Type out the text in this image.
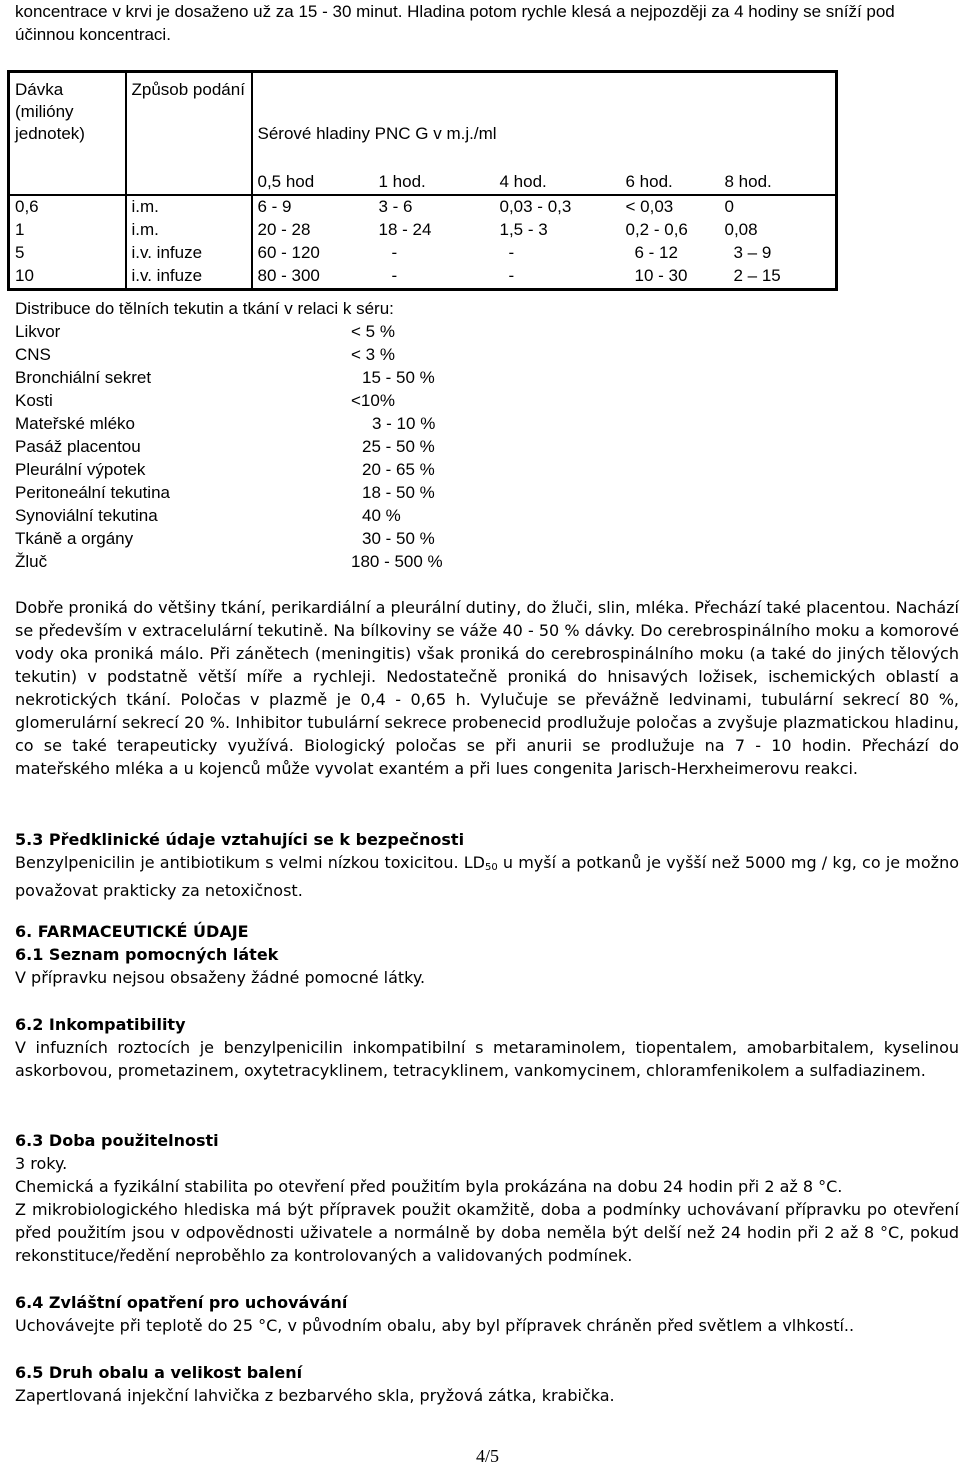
koncentrace v krvi je dosaženo už za 15 - 30 minut. Hladina potom rychle klesá a nejpozději za 4 hodiny se sníží pod účinnou koncentraci.
Dávka (milióny jednotek)	Způsob podání	Sérové hladiny PNC G v m.j./ml				
		0,5 hod	1 hod.	4 hod.	6 hod.	8 hod.
0,6	i.m.	6 - 9	3 - 6	0,03 - 0,3	< 0,03	0
1	i.m.	20 - 28	18 - 24	1,5 - 3	0,2 - 0,6	0,08
5	i.v. infuze	60 - 120	-	-	6 - 12	3 – 9
10	i.v. infuze	80 - 300	-	-	10 - 30	2 – 15
Distribuce do tělních tekutin a tkání v relaci k séru:
Likvor	< 5 %
CNS	< 3 %
Bronchiální sekret	15 - 50 %
Kosti	<10%
Mateřské mléko	3 - 10 %
Pasáž placentou	25 - 50 %
Pleurální výpotek	20 - 65 %
Peritoneální tekutina	18 - 50 %
Synoviální tekutina	40 %
Tkáně a orgány	30 - 50 %
Žluč	180 - 500 %
Dobře proniká do většiny tkání, perikardiální a pleurální dutiny, do žluči, slin, mléka. Přechází také placentou. Nachází se především v extracelulární tekutině. Na bílkoviny se váže 40 - 50 % dávky. Do cerebrospinálního moku a komorové vody oka proniká málo. Při zánětech (meningitis) však proniká do cerebrospinálního moku (a také do jiných tělových tekutin) v podstatně větší míře a rychleji. Nedostatečně proniká do hnisavých ložisek, ischemických oblastí a nekrotických tkání. Poločas v plazmě je 0,4 - 0,65 h. Vylučuje se převážně ledvinami, tubulární sekrecí 80 %, glomerulární sekrecí 20 %. Inhibitor tubulární sekrece probenecid prodlužuje poločas a zvyšuje plazmatickou hladinu, co se také terapeuticky využívá. Biologický poločas se při anurii se prodlužuje na 7 - 10 hodin. Přechází do mateřského mléka a u kojenců může vyvolat exantém a při lues congenita Jarisch-Herxheimerovu reakci.
5.3 Předklinické údaje vztahujíci se k bezpečnosti
Benzylpenicilin je antibiotikum s velmi nízkou toxicitou. $LD_{50}$ u myší a potkanů je vyšší než 5000 mg / kg, co je možno považovat prakticky za netoxičnost.
6. FARMACEUTICKÉ ÚDAJE
6.1 Seznam pomocných látek
V přípravku nejsou obsaženy žádné pomocné látky.
6.2 Inkompatibility
V infuzních roztocích je benzylpenicilin inkompatibilní s metaraminolem, tiopentalem, amobarbitalem, kyselinou askorbovou, prometazinem, oxytetracyklinem, tetracyklinem, vankomycinem, chloramfenikolem a sulfadiazinem.
6.3 Doba použitelnosti
3 roky.
Chemická a fyzikální stabilita po otevření před použitím byla prokázána na dobu 24 hodin při 2 až 8 °C.
Z mikrobiologického hlediska má být přípravek použit okamžitě, doba a podmínky uchovávaní přípravku po otevření před použitím jsou v odpovědnosti uživatele a normálně by doba neměla být delší než 24 hodin při 2 až 8 °C, pokud rekonstituce/ředění neproběhlo za kontrolovaných a validovaných podmínek.
6.4 Zvláštní opatření pro uchovávání
Uchovávejte při teplotě do 25 °C, v původním obalu, aby byl přípravek chráněn před světlem a vlhkostí..
6.5 Druh obalu a velikost balení
Zapertlovaná injekční lahvička z bezbarvého skla, pryžová zátka, krabička.
4/5
